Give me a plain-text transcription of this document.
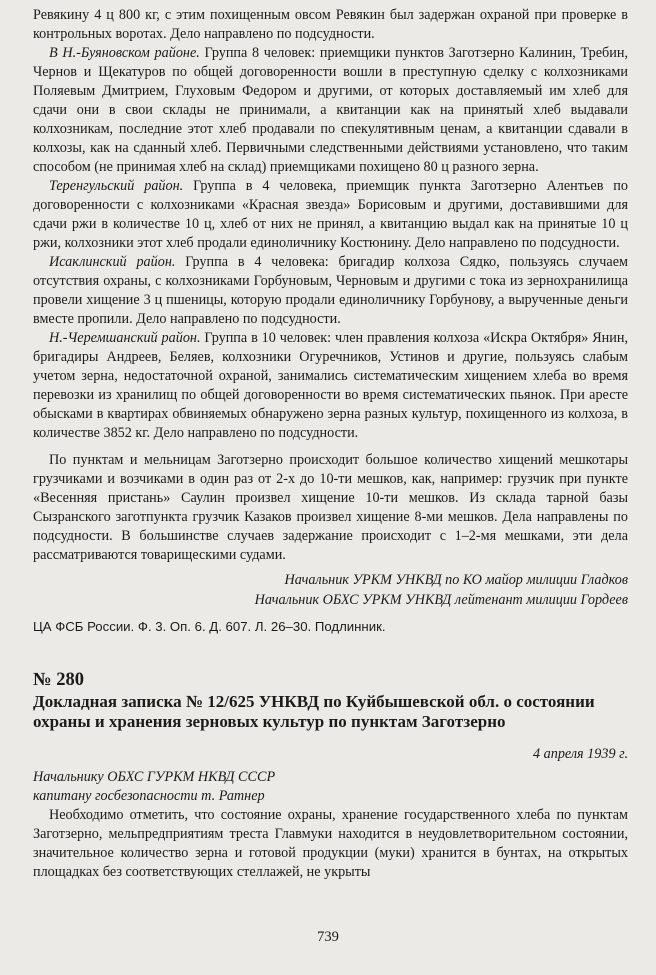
Ревякину 4 ц 800 кг, с этим похищенным овсом Ревякин был задержан охраной при проверке в контрольных воротах. Дело направлено по подсудности.

В Н.-Буяновском районе. Группа 8 человек: приемщики пунктов Заготзерно Калинин, Требин, Чернов и Щекатуров по общей договоренности вошли в преступную сделку с колхозниками Поляевым Дмитрием, Глуховым Федором и другими, от которых доставляемый им хлеб для сдачи они в свои склады не принимали, а квитанции как на принятый хлеб выдавали колхозникам, последние этот хлеб продавали по спекулятивным ценам, а квитанции сдавали в колхозы, как на сданный хлеб. Первичными следственными действиями установлено, что таким способом (не принимая хлеб на склад) приемщиками похищено 80 ц разного зерна.

Теренгульский район. Группа в 4 человека, приемщик пункта Заготзерно Алентьев по договоренности с колхозниками «Красная звезда» Борисовым и другими, доставившими для сдачи ржи в количестве 10 ц, хлеб от них не принял, а квитанцию выдал как на принятые 10 ц ржи, колхозники этот хлеб продали единоличнику Костюнину. Дело направлено по подсудности.

Исаклинский район. Группа в 4 человека: бригадир колхоза Сядко, пользуясь случаем отсутствия охраны, с колхозниками Горбуновым, Черновым и другими с тока из зернохранилища провели хищение 3 ц пшеницы, которую продали единоличнику Горбунову, а вырученные деньги вместе пропили. Дело направлено по подсудности.

Н.-Черемшанский район. Группа в 10 человек: член правления колхоза «Искра Октября» Янин, бригадиры Андреев, Беляев, колхозники Огуречников, Устинов и другие, пользуясь слабым учетом зерна, недостаточной охраной, занимались систематическим хищением хлеба во время перевозки из хранилищ по общей договоренности во время систематических пьянок. При аресте обысками в квартирах обвиняемых обнаружено зерна разных культур, похищенного из колхоза, в количестве 3852 кг. Дело направлено по подсудности.

По пунктам и мельницам Заготзерно происходит большое количество хищений мешкотары грузчиками и возчиками в один раз от 2-х до 10-ти мешков, как, например: грузчик при пункте «Весенняя пристань» Саулин произвел хищение 10-ти мешков. Из склада тарной базы Сызранского заготпункта грузчик Казаков произвел хищение 8-ми мешков. Дела направлены по подсудности. В большинстве случаев задержание происходит с 1–2-мя мешками, эти дела рассматриваются товарищескими судами.

Начальник УРКМ УНКВД по КО майор милиции Гладков
Начальник ОБХС УРКМ УНКВД лейтенант милиции Гордеев
ЦА ФСБ России. Ф. 3. Оп. 6. Д. 607. Л. 26–30. Подлинник.
№ 280
Докладная записка № 12/625 УНКВД по Куйбышевской обл. о состоянии охраны и хранения зерновых культур по пунктам Заготзерно
4 апреля 1939 г.
Начальнику ОБХС ГУРКМ НКВД СССР
капитану госбезопасности т. Ратнер

Необходимо отметить, что состояние охраны, хранение государственного хлеба по пунктам Заготзерно, мельпредприятиям треста Главмуки находится в неудовлетворительном состоянии, значительное количество зерна и готовой продукции (муки) хранится в бунтах, на открытых площадках без соответствующих стеллажей, не укрыты

739
